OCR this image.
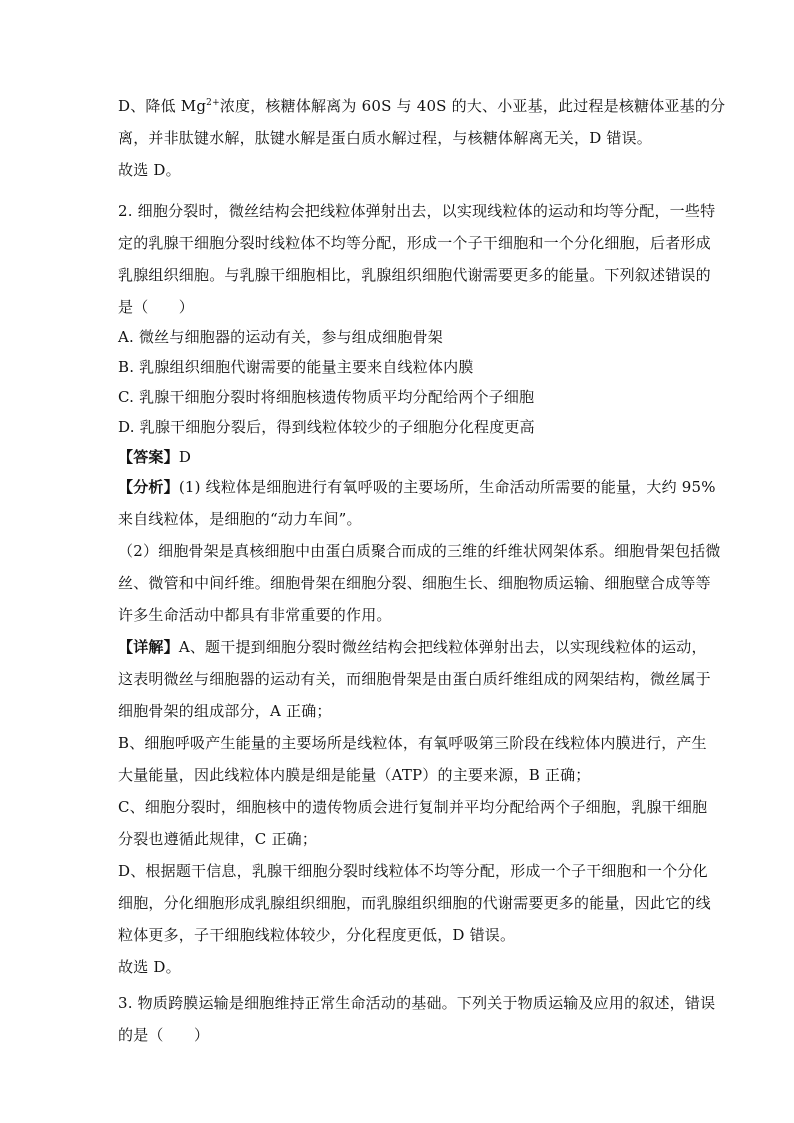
D、降低 $Mg^{2+}$浓度，核糖体解离为 60S 与 40S 的大、小亚基，此过程是核糖体亚基的分
离，并非肽键水解，肽键水解是蛋白质水解过程，与核糖体解离无关，D 错误。
故选 D。
2. 细胞分裂时，微丝结构会把线粒体弹射出去，以实现线粒体的运动和均等分配，一些特
定的乳腺干细胞分裂时线粒体不均等分配，形成一个子干细胞和一个分化细胞，后者形成
乳腺组织细胞。与乳腺干细胞相比，乳腺组织细胞代谢需要更多的能量。下列叙述错误的
是（　　）
A. 微丝与细胞器的运动有关，参与组成细胞骨架
B. 乳腺组织细胞代谢需要的能量主要来自线粒体内膜
C. 乳腺干细胞分裂时将细胞核遗传物质平均分配给两个子细胞
D. 乳腺干细胞分裂后，得到线粒体较少的子细胞分化程度更高
【答案】D
【分析】(1) 线粒体是细胞进行有氧呼吸的主要场所，生命活动所需要的能量，大约 95%
来自线粒体，是细胞的“动力车间”。
（2）细胞骨架是真核细胞中由蛋白质聚合而成的三维的纤维状网架体系。细胞骨架包括微
丝、微管和中间纤维。细胞骨架在细胞分裂、细胞生长、细胞物质运输、细胞壁合成等等
许多生命活动中都具有非常重要的作用。
【详解】A、题干提到细胞分裂时微丝结构会把线粒体弹射出去，以实现线粒体的运动，
这表明微丝与细胞器的运动有关，而细胞骨架是由蛋白质纤维组成的网架结构，微丝属于
细胞骨架的组成部分，A 正确；
B、细胞呼吸产生能量的主要场所是线粒体，有氧呼吸第三阶段在线粒体内膜进行，产生
大量能量，因此线粒体内膜是细是能量（ATP）的主要来源，B 正确；
C、细胞分裂时，细胞核中的遗传物质会进行复制并平均分配给两个子细胞，乳腺干细胞
分裂也遵循此规律，C 正确；
D、根据题干信息，乳腺干细胞分裂时线粒体不均等分配，形成一个子干细胞和一个分化
细胞，分化细胞形成乳腺组织细胞，而乳腺组织细胞的代谢需要更多的能量，因此它的线
粒体更多，子干细胞线粒体较少，分化程度更低，D 错误。
故选 D。
3. 物质跨膜运输是细胞维持正常生命活动的基础。下列关于物质运输及应用的叙述，错误
的是（　　）
